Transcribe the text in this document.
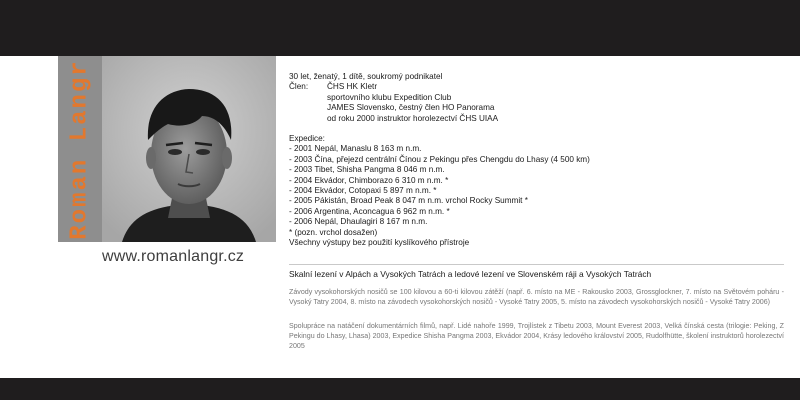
Roman Langr
www.romanlangr.cz
30 let, ženatý, 1 dítě, soukromý podnikatel
Člen:	ČHS HK Kletr
sportovního klubu Expedition Club
JAMES Slovensko, čestný člen HO Panorama
od roku 2000 instruktor horolezectví ČHS UIAA
Expedice:
- 2001 Nepál, Manaslu 8 163 m n.m.
- 2003 Čína, přejezd centrální Čínou z Pekingu přes Chengdu do Lhasy (4 500 km)
- 2003 Tibet, Shisha Pangma 8 046 m n.m.
- 2004 Ekvádor, Chimborazo 6 310 m n.m. *
- 2004 Ekvádor, Cotopaxi 5 897 m n.m. *
- 2005 Pákistán, Broad Peak 8 047 m n.m. vrchol Rocky Summit *
- 2006 Argentina, Aconcagua 6 962 m n.m. *
- 2006 Nepál, Dhaulagiri 8 167 m n.m.
* (pozn. vrchol dosažen)
Všechny výstupy bez použití kyslíkového přístroje
Skalní lezení v Alpách a Vysokých Tatrách a ledové lezení ve Slovenském ráji a Vysokých Tatrách
Závody vysokohorských nosičů se 100 kilovou a 60-ti kilovou zátěží (např. 6. místo na ME - Rakousko 2003, Grossglockner, 7. místo na Světovém poháru - Vysoký Tatry 2004, 8. místo na závodech vysokohorských nosičů - Vysoké Tatry 2005, 5. místo na závodech vysokohorských nosičů - Vysoké Tatry 2006)
Spolupráce na natáčení dokumentárních filmů, např. Lidé nahoře 1999, Trojlístek z Tibetu 2003, Mount Everest 2003, Velká čínská cesta (trilogie: Peking, Z Pekingu do Lhasy, Lhasa) 2003, Expedice Shisha Pangma 2003, Ekvádor 2004, Krásy ledového království 2005, Rudolfhütte, školení instruktorů horolezectví 2005
